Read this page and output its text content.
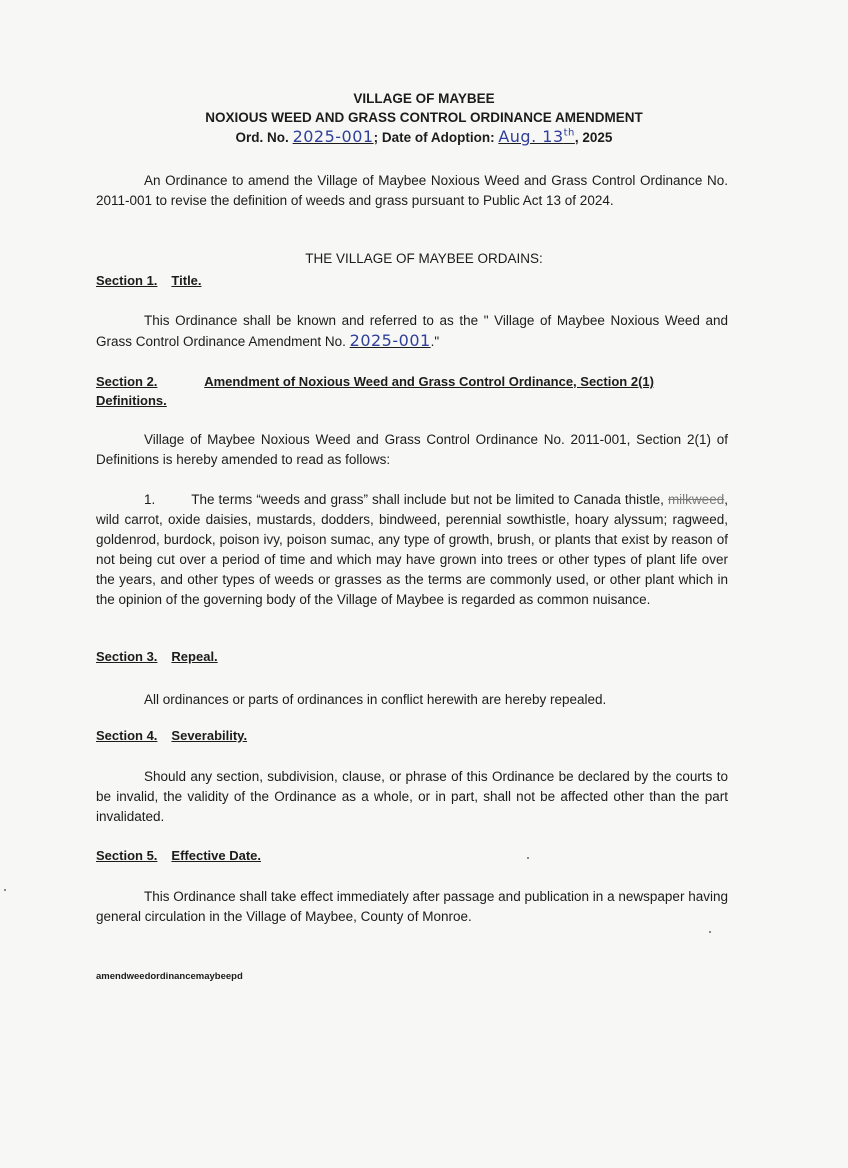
VILLAGE OF MAYBEE
NOXIOUS WEED AND GRASS CONTROL ORDINANCE AMENDMENT
Ord. No. 2025-001; Date of Adoption: Aug. 13th, 2025
An Ordinance to amend the Village of Maybee Noxious Weed and Grass Control Ordinance No. 2011-001 to revise the definition of weeds and grass pursuant to Public Act 13 of 2024.
THE VILLAGE OF MAYBEE ORDAINS:
Section 1. Title.
This Ordinance shall be known and referred to as the " Village of Maybee Noxious Weed and Grass Control Ordinance Amendment No. 2025-001."
Section 2.	Amendment of Noxious Weed and Grass Control Ordinance, Section 2(1)
Definitions.
Village of Maybee Noxious Weed and Grass Control Ordinance No. 2011-001, Section 2(1) of Definitions is hereby amended to read as follows:
1.	The terms “weeds and grass” shall include but not be limited to Canada thistle, milkweed, wild carrot, oxide daisies, mustards, dodders, bindweed, perennial sowthistle, hoary alyssum; ragweed, goldenrod, burdock, poison ivy, poison sumac, any type of growth, brush, or plants that exist by reason of not being cut over a period of time and which may have grown into trees or other types of plant life over the years, and other types of weeds or grasses as the terms are commonly used, or other plant which in the opinion of the governing body of the Village of Maybee is regarded as common nuisance.
Section 3. Repeal.
All ordinances or parts of ordinances in conflict herewith are hereby repealed.
Section 4. Severability.
Should any section, subdivision, clause, or phrase of this Ordinance be declared by the courts to be invalid, the validity of the Ordinance as a whole, or in part, shall not be affected other than the part invalidated.
Section 5. Effective Date.
This Ordinance shall take effect immediately after passage and publication in a newspaper having general circulation in the Village of Maybee, County of Monroe.
amendweedordinancemaybeepd
